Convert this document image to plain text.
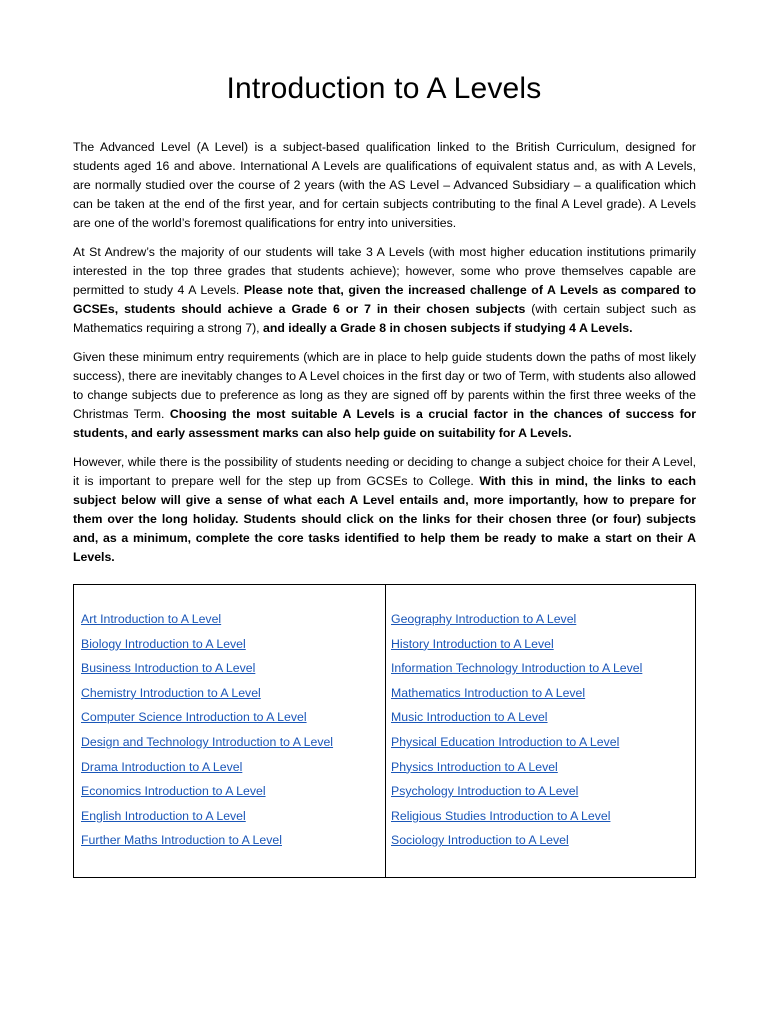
Introduction to A Levels

The Advanced Level (A Level) is a subject-based qualification linked to the British Curriculum, designed for students aged 16 and above. International A Levels are qualifications of equivalent status and, as with A Levels, are normally studied over the course of 2 years (with the AS Level – Advanced Subsidiary – a qualification which can be taken at the end of the first year, and for certain subjects contributing to the final A Level grade). A Levels are one of the world’s foremost qualifications for entry into universities.

At St Andrew’s the majority of our students will take 3 A Levels (with most higher education institutions primarily interested in the top three grades that students achieve); however, some who prove themselves capable are permitted to study 4 A Levels. Please note that, given the increased challenge of A Levels as compared to GCSEs, students should achieve a Grade 6 or 7 in their chosen subjects (with certain subject such as Mathematics requiring a strong 7), and ideally a Grade 8 in chosen subjects if studying 4 A Levels.

Given these minimum entry requirements (which are in place to help guide students down the paths of most likely success), there are inevitably changes to A Level choices in the first day or two of Term, with students also allowed to change subjects due to preference as long as they are signed off by parents within the first three weeks of the Christmas Term. Choosing the most suitable A Levels is a crucial factor in the chances of success for students, and early assessment marks can also help guide on suitability for A Levels.

However, while there is the possibility of students needing or deciding to change a subject choice for their A Level, it is important to prepare well for the step up from GCSEs to College. With this in mind, the links to each subject below will give a sense of what each A Level entails and, more importantly, how to prepare for them over the long holiday. Students should click on the links for their chosen three (or four) subjects and, as a minimum, complete the core tasks identified to help them be ready to make a start on their A Levels.

Art Introduction to A Level
Biology Introduction to A Level
Business Introduction to A Level
Chemistry Introduction to A Level
Computer Science Introduction to A Level
Design and Technology Introduction to A Level
Drama Introduction to A Level
Economics Introduction to A Level
English Introduction to A Level
Further Maths Introduction to A Level
Geography Introduction to A Level
History Introduction to A Level
Information Technology Introduction to A Level
Mathematics Introduction to A Level
Music Introduction to A Level
Physical Education Introduction to A Level
Physics Introduction to A Level
Psychology Introduction to A Level
Religious Studies Introduction to A Level
Sociology Introduction to A Level
